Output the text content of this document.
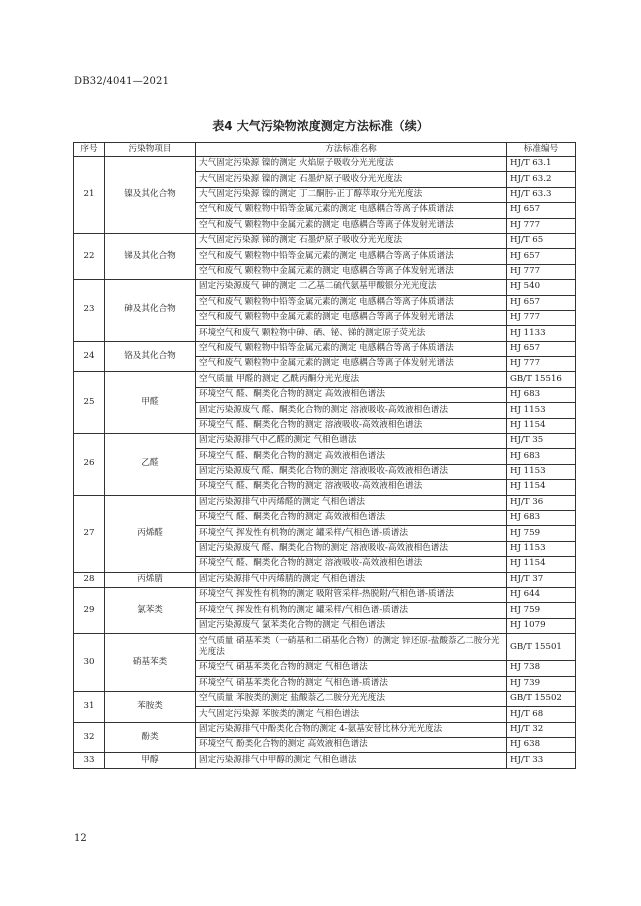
DB32/4041—2021
表4 大气污染物浓度测定方法标准（续）
序号	污染物项目	方法标准名称	标准编号
21	镍及其化合物	大气固定污染源 镍的测定 火焰原子吸收分光光度法	HJ/T 63.1
		大气固定污染源 镍的测定 石墨炉原子吸收分光光度法	HJ/T 63.2
		大气固定污染源 镍的测定 丁二酮肟-正丁醇萃取分光光度法	HJ/T 63.3
		空气和废气 颗粒物中铅等金属元素的测定 电感耦合等离子体质谱法	HJ 657
		空气和废气 颗粒物中金属元素的测定 电感耦合等离子体发射光谱法	HJ 777
22	锑及其化合物	大气固定污染源 锑的测定 石墨炉原子吸收分光光度法	HJ/T 65
		空气和废气 颗粒物中铅等金属元素的测定 电感耦合等离子体质谱法	HJ 657
		空气和废气 颗粒物中金属元素的测定 电感耦合等离子体发射光谱法	HJ 777
23	砷及其化合物	固定污染源废气 砷的测定 二乙基二硫代氨基甲酸银分光光度法	HJ 540
		空气和废气 颗粒物中铅等金属元素的测定 电感耦合等离子体质谱法	HJ 657
		空气和废气 颗粒物中金属元素的测定 电感耦合等离子体发射光谱法	HJ 777
		环境空气和废气 颗粒物中砷、硒、铋、锑的测定原子荧光法	HJ 1133
24	铬及其化合物	空气和废气 颗粒物中铅等金属元素的测定 电感耦合等离子体质谱法	HJ 657
		空气和废气 颗粒物中金属元素的测定 电感耦合等离子体发射光谱法	HJ 777
25	甲醛	空气质量 甲醛的测定 乙酰丙酮分光光度法	GB/T 15516
		环境空气 醛、酮类化合物的测定 高效液相色谱法	HJ 683
		固定污染源废气 醛、酮类化合物的测定 溶液吸收-高效液相色谱法	HJ 1153
		环境空气 醛、酮类化合物的测定 溶液吸收-高效液相色谱法	HJ 1154
26	乙醛	固定污染源排气中乙醛的测定 气相色谱法	HJ/T 35
		环境空气 醛、酮类化合物的测定 高效液相色谱法	HJ 683
		固定污染源废气 醛、酮类化合物的测定 溶液吸收-高效液相色谱法	HJ 1153
		环境空气 醛、酮类化合物的测定 溶液吸收-高效液相色谱法	HJ 1154
27	丙烯醛	固定污染源排气中丙烯醛的测定 气相色谱法	HJ/T 36
		环境空气 醛、酮类化合物的测定 高效液相色谱法	HJ 683
		环境空气 挥发性有机物的测定 罐采样/气相色谱-质谱法	HJ 759
		固定污染源废气 醛、酮类化合物的测定 溶液吸收-高效液相色谱法	HJ 1153
		环境空气 醛、酮类化合物的测定 溶液吸收-高效液相色谱法	HJ 1154
28	丙烯腈	固定污染源排气中丙烯腈的测定 气相色谱法	HJ/T 37
29	氯苯类	环境空气 挥发性有机物的测定 吸附管采样-热脱附/气相色谱-质谱法	HJ 644
		环境空气 挥发性有机物的测定 罐采样/气相色谱-质谱法	HJ 759
		固定污染源废气 氯苯类化合物的测定 气相色谱法	HJ 1079
30	硝基苯类	空气质量 硝基苯类（一硝基和二硝基化合物）的测定 锌还原-盐酸萘乙二胺分光光度法	GB/T 15501
		环境空气 硝基苯类化合物的测定 气相色谱法	HJ 738
		环境空气 硝基苯类化合物的测定 气相色谱-质谱法	HJ 739
31	苯胺类	空气质量 苯胺类的测定 盐酸萘乙二胺分光光度法	GB/T 15502
		大气固定污染源 苯胺类的测定 气相色谱法	HJ/T 68
32	酚类	固定污染源排气中酚类化合物的测定 4-氨基安替比林分光光度法	HJ/T 32
		环境空气 酚类化合物的测定 高效液相色谱法	HJ 638
33	甲醇	固定污染源排气中甲醇的测定 气相色谱法	HJ/T 33
12
